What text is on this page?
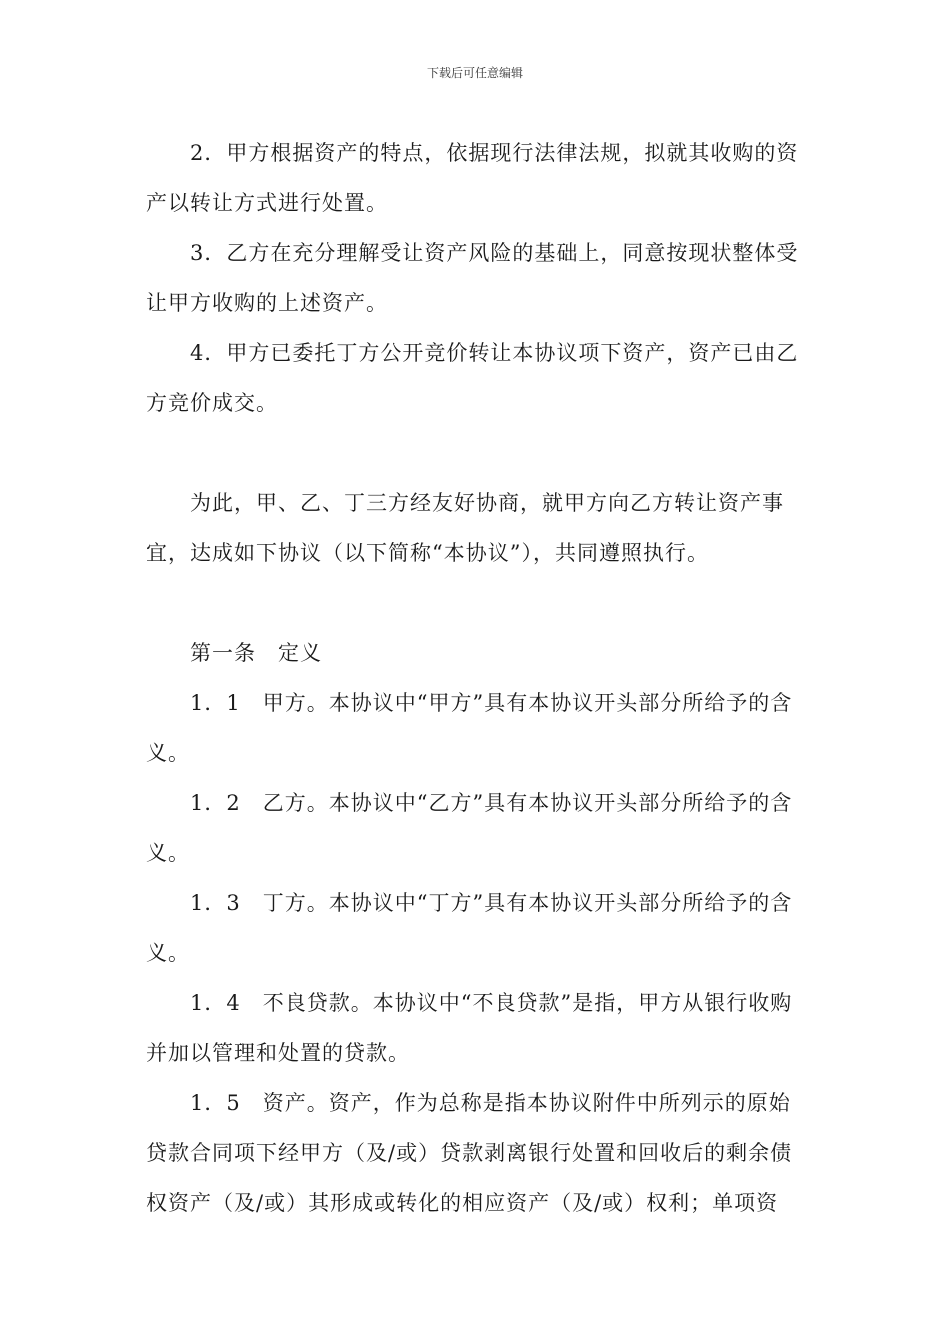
下载后可任意编辑

2．甲方根据资产的特点，依据现行法律法规，拟就其收购的资产以转让方式进行处置。

3．乙方在充分理解受让资产风险的基础上，同意按现状整体受让甲方收购的上述资产。

4．甲方已委托丁方公开竞价转让本协议项下资产，资产已由乙方竞价成交。

为此，甲、乙、丁三方经友好协商，就甲方向乙方转让资产事宜，达成如下协议（以下简称“本协议”），共同遵照执行。

第一条　定义

1．1　甲方。本协议中“甲方”具有本协议开头部分所给予的含义。

1．2　乙方。本协议中“乙方”具有本协议开头部分所给予的含义。

1．3　丁方。本协议中“丁方”具有本协议开头部分所给予的含义。

1．4　不良贷款。本协议中“不良贷款”是指，甲方从银行收购并加以管理和处置的贷款。

1．5　资产。资产，作为总称是指本协议附件中所列示的原始贷款合同项下经甲方（及/或）贷款剥离银行处置和回收后的剩余债权资产（及/或）其形成或转化的相应资产（及/或）权利；单项资
